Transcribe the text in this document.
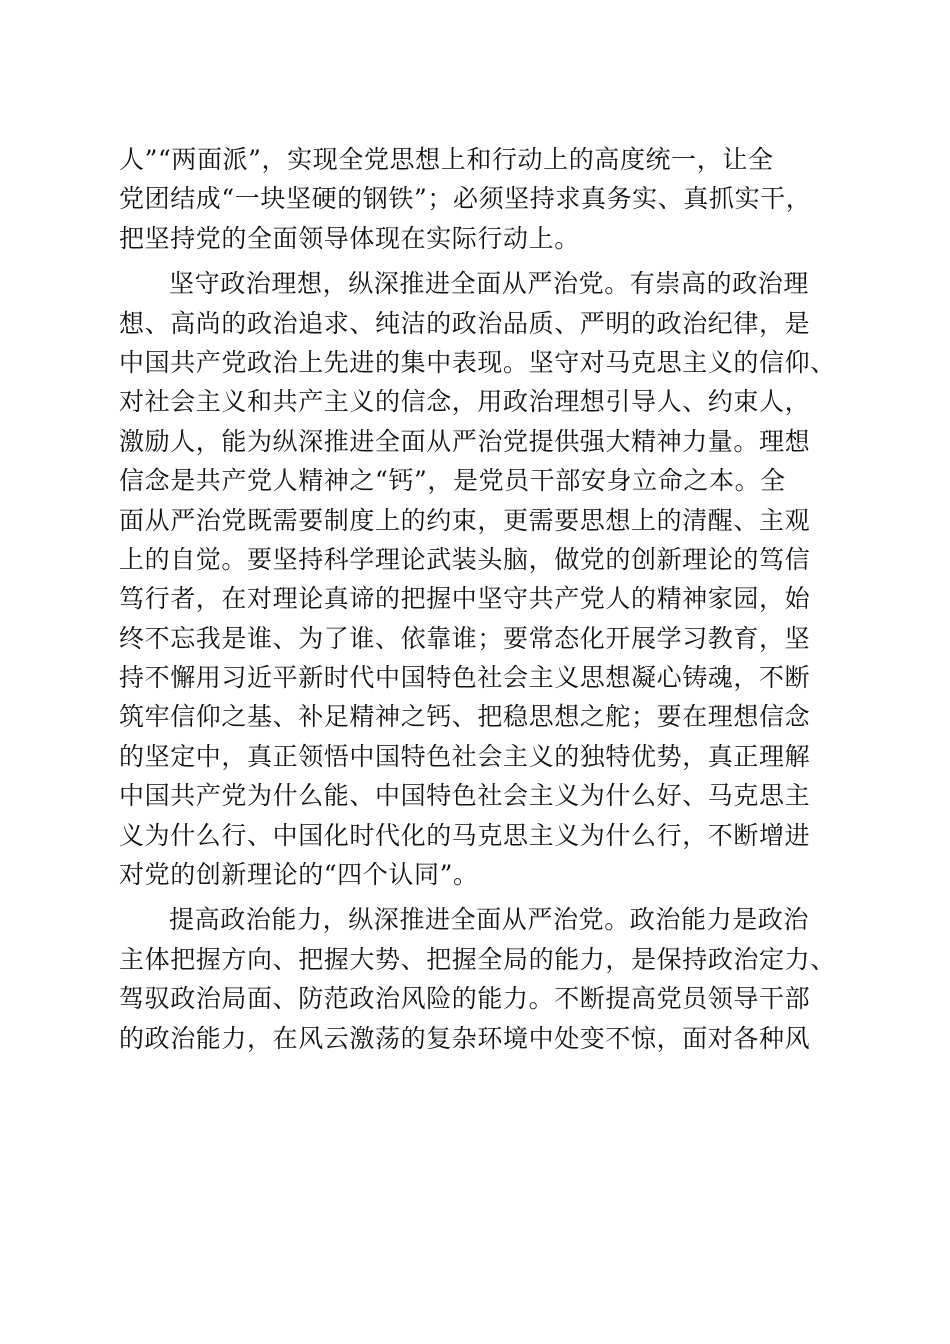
人”“两面派”，实现全党思想上和行动上的高度统一，让全
党团结成“一块坚硬的钢铁”；必须坚持求真务实、真抓实干，
把坚持党的全面领导体现在实际行动上。
坚守政治理想，纵深推进全面从严治党。有崇高的政治理
想、高尚的政治追求、纯洁的政治品质、严明的政治纪律，是
中国共产党政治上先进的集中表现。坚守对马克思主义的信仰、
对社会主义和共产主义的信念，用政治理想引导人、约束人，
激励人，能为纵深推进全面从严治党提供强大精神力量。理想
信念是共产党人精神之“钙”，是党员干部安身立命之本。全
面从严治党既需要制度上的约束，更需要思想上的清醒、主观
上的自觉。要坚持科学理论武装头脑，做党的创新理论的笃信
笃行者，在对理论真谛的把握中坚守共产党人的精神家园，始
终不忘我是谁、为了谁、依靠谁；要常态化开展学习教育，坚
持不懈用习近平新时代中国特色社会主义思想凝心铸魂，不断
筑牢信仰之基、补足精神之钙、把稳思想之舵；要在理想信念
的坚定中，真正领悟中国特色社会主义的独特优势，真正理解
中国共产党为什么能、中国特色社会主义为什么好、马克思主
义为什么行、中国化时代化的马克思主义为什么行，不断增进
对党的创新理论的“四个认同”。
提高政治能力，纵深推进全面从严治党。政治能力是政治
主体把握方向、把握大势、把握全局的能力，是保持政治定力、
驾驭政治局面、防范政治风险的能力。不断提高党员领导干部
的政治能力，在风云激荡的复杂环境中处变不惊，面对各种风
